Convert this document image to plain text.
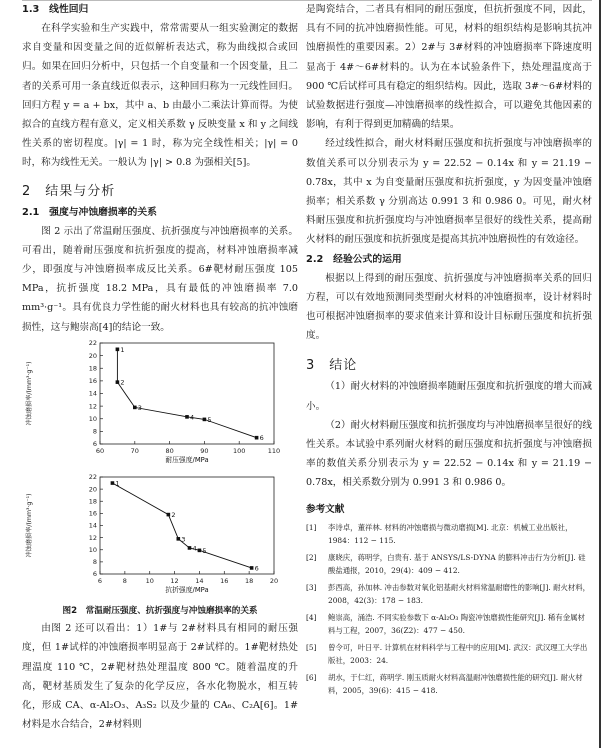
1.3　线性回归

在科学实验和生产实践中，常常需要从一组实验测定的数据求自变量和因变量之间的近似解析表达式，称为曲线拟合或回归。如果在回归分析中，只包括一个自变量和一个因变量，且二者的关系可用一条直线近似表示，这种回归称为一元线性回归。回归方程 y = a + bx，其中 a、b 由最小二乘法计算而得。为使拟合的直线方程有意义，定义相关系数 γ 反映变量 x 和 y 之间线性关系的密切程度。|γ| = 1 时，称为完全线性相关；|γ| = 0 时，称为线性无关。一般认为 |γ| > 0.8 为强相关[5]。

2　结果与分析
2.1　强度与冲蚀磨损率的关系

图 2 示出了常温耐压强度、抗折强度与冲蚀磨损率的关系。可看出，随着耐压强度和抗折强度的提高，材料冲蚀磨损率减少，即强度与冲蚀磨损率成反比关系。6#靶材耐压强度 105 MPa，抗折强度 18.2 MPa，具有最低的冲蚀磨损率 7.0 mm³·g⁻¹。具有优良力学性能的耐火材料也具有较高的抗冲蚀磨损性，这与鲍崇高[4]的结论一致。

60	70	80	90	100	110
6
8
10
12
14
16
18
20
22
1
2
3
4 5
6
耐压强度/MPa
冲蚀磨损率/(mm³·g⁻¹)

6	8	10	12	14	16	18	20
6
8
10
12
14
16
18
20
22
1
2
3
4 5
6
抗折强度/MPa
冲蚀磨损率/(mm³·g⁻¹)
图2　常温耐压强度、抗折强度与冲蚀磨损率的关系

由图 2 还可以看出：1）1#与 2#材料具有相同的耐压强度，但 1#试样的冲蚀磨损率明显高于 2#试样的。1#靶材热处理温度 110 ℃，2#靶材热处理温度 800 ℃。随着温度的升高，靶材基质发生了复杂的化学反应，各水化物脱水，相互转化，形成 CA、α-Al₂O₃、A₃S₂ 以及少量的 CA₆、C₂A[6]。1#材料是水合结合，2#材料则

是陶瓷结合，二者具有相同的耐压强度，但抗折强度不同，因此，具有不同的抗冲蚀磨损性能。可见，材料的组织结构是影响其抗冲蚀磨损性的重要因素。2）2#与 3#材料的冲蚀磨损率下降速度明显高于 4#～6#材料的。认为在本试验条件下，热处理温度高于 900 ℃后试样可具有稳定的组织结构。因此，选取 3#～6#材料的试验数据进行强度—冲蚀磨损率的线性拟合，可以避免其他因素的影响，有利于得到更加精确的结果。

经过线性拟合，耐火材料耐压强度和抗折强度与冲蚀磨损率的数值关系可以分别表示为 y = 22.52 − 0.14x 和 y = 21.19 − 0.78x，其中 x 为自变量耐压强度和抗折强度，y 为因变量冲蚀磨损率；相关系数 γ 分别高达 0.991 3 和 0.986 0。可见，耐火材料耐压强度和抗折强度均与冲蚀磨损率呈很好的线性关系，提高耐火材料的耐压强度和抗折强度是提高其抗冲蚀磨损性的有效途径。

2.2　经验公式的运用

根据以上得到的耐压强度、抗折强度与冲蚀磨损率关系的回归方程，可以有效地预测同类型耐火材料的冲蚀磨损率，设计材料时也可根据冲蚀磨损率的要求值来计算和设计目标耐压强度和抗折强度。

3　结论

（1）耐火材料的冲蚀磨损率随耐压强度和抗折强度的增大而减小。

（2）耐火材料耐压强度和抗折强度均与冲蚀磨损率呈很好的线性关系。本试验中系列耐火材料的耐压强度和抗折强度与冲蚀磨损率的数值关系分别表示为 y = 22.52 − 0.14x 和 y = 21.19 − 0.78x，相关系数分别为 0.991 3 和 0.986 0。

参考文献
[1]	李诗卓，董祥林. 材料的冲蚀磨损与微动磨损[M]. 北京：机械工业出版社，1984：112 − 115.
[2]	康晓庆，蒋明学，白贵有. 基于 ANSYS/LS-DYNA 的膨料冲击行为分析[J]. 硅酸盐通报，2010，29(4)：409 − 412.
[3]	彭西高，孙加林. 冲击参数对氧化铝基耐火材料常温耐磨性的影响[J]. 耐火材料，2008，42(3)：178 − 183.
[4]	鲍崇高，涌浩. 不同实验参数下 α-Al₂O₃ 陶瓷冲蚀磨损性能研究[J]. 稀有金属材料与工程，2007，36(Z2)：477 − 450.
[5]	曾令可，叶日平. 计算机在材料科学与工程中的应用[M]. 武汉：武汉理工大学出版社，2003：24.
[6]	胡水，于仁红，蒋明学. 刚玉质耐火材料高温耐冲蚀磨损性能的研究[J]. 耐火材料，2005，39(6)：415 − 418.
